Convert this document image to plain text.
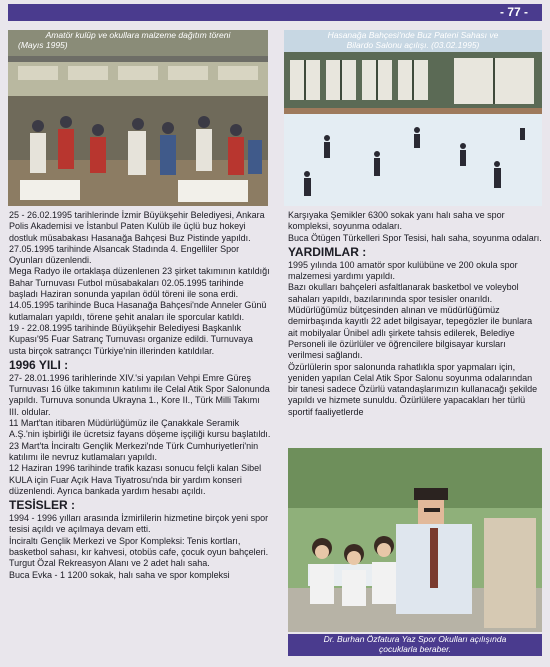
- 77 -
Amatör kulüp ve okullara malzeme dağıtım töreni
(Mayıs 1995)
Hasanağa Bahçesi'nde Buz Pateni Sahası ve
Bilardo Salonu açılışı. (03.02.1995)

25 - 26.02.1995 tarihlerinde İzmir Büyükşehir Belediyesi, Ankara Polis Akademisi ve İstanbul Paten Kulüb ile üçlü buz hokeyi dostluk müsabakası Hasanağa Bahçesi Buz Pistinde yapıldı.

27.05.1995 tarihinde Alsancak Stadında 4. Engelliler Spor Oyunları düzenlendi.

Mega Radyo ile ortaklaşa düzenlenen 23 şirket takımının katıldığı Bahar Turnuvası Futbol müsabakaları 02.05.1995 tarihinde başladı Haziran sonunda yapılan ödül töreni ile sona erdi.

14.05.1995 tarihinde Buca Hasanağa Bahçesi'nde Anneler Günü kutlamaları yapıldı, törene şehit anaları ile sporcular katıldı.

19 - 22.08.1995 tarihinde Büyükşehir Belediyesi Başkanlık Kupası'95 Fuar Satranç Turnuvası organize edildi. Turnuvaya usta birçok satrançcı Türkiye'nin illerinden katıldılar.

1996 YILI :

27- 28.01.1996 tarihlerinde XIV.'si yapılan Vehpi Emre Güreş Turnuvası 16 ülke takımının katılımı ile Celal Atik Spor Salonunda yapıldı. Turnuva sonunda Ukrayna 1., Kore II., Türk Milli Takımı III. oldular.

11 Mart'tan itibaren Müdürlüğümüz ile Çanakkale Seramik A.Ş.'nin işbirliği ile ücretsiz fayans döşeme işçiliği kursu başlatıldı.

23 Mart'ta İnciraltı Gençlik Merkezi'nde Türk Cumhuriyetleri'nin katılımı ile nevruz kutlamaları yapıldı.

12 Haziran 1996 tarihinde trafik kazası sonucu felçli kalan Sibel KULA için Fuar Açık Hava Tiyatrosu'nda bir yardım konseri düzenlendi. Ayrıca bankada yardım hesabı açıldı.

TESİSLER :

1994 - 1996 yılları arasında İzmirlilerin hizmetine birçok yeni spor tesisi açıldı ve açılmaya devam etti.

İnciraltı Gençlik Merkezi ve Spor Kompleksi: Tenis kortları, basketbol sahası, kır kahvesi, otobüs cafe, çocuk oyun bahçeleri.

Turgut Özal Rekreasyon Alanı ve 2 adet halı saha.

Buca Evka - 1 1200 sokak, halı saha ve spor kompleksi

Karşıyaka Şemikler 6300 sokak yanı halı saha ve spor kompleksi, soyunma odaları.

Buca Ötügen Türkelleri Spor Tesisi, halı saha, soyunma odaları.

YARDIMLAR :

1995 yılında 100 amatör spor kulübüne ve 200 okula spor malzemesi yardımı yapıldı.

Bazı okulları bahçeleri asfaltlanarak basketbol ve voleybol sahaları yapıldı, bazılarınında spor tesisler onarıldı.

Müdürlüğümüz bütçesinden alınan ve müdürlüğümüz demirbaşında kayıtlı 22 adet bilgisayar, tepegözler ile bunlara ait mobilyalar Ünibel adlı şirkete tahsis edilerek, Belediye Personeli ile özürlüler ve öğrencilere bilgisayar kursları verilmesi sağlandı.

Özürlülerin spor salonunda rahatlıkla spor yapmaları için, yeniden yapılan Celal Atik Spor Salonu soyunma odalarından bir tanesi sadece Özürlü vatandaşlarımızın kullanacağı şekilde yapıldı ve hizmete sunuldu. Özürlülere yapacakları her türlü sportif faaliyetlerde

Dr. Burhan Özfatura Yaz Spor Okulları açılışında
çocuklarla beraber.
